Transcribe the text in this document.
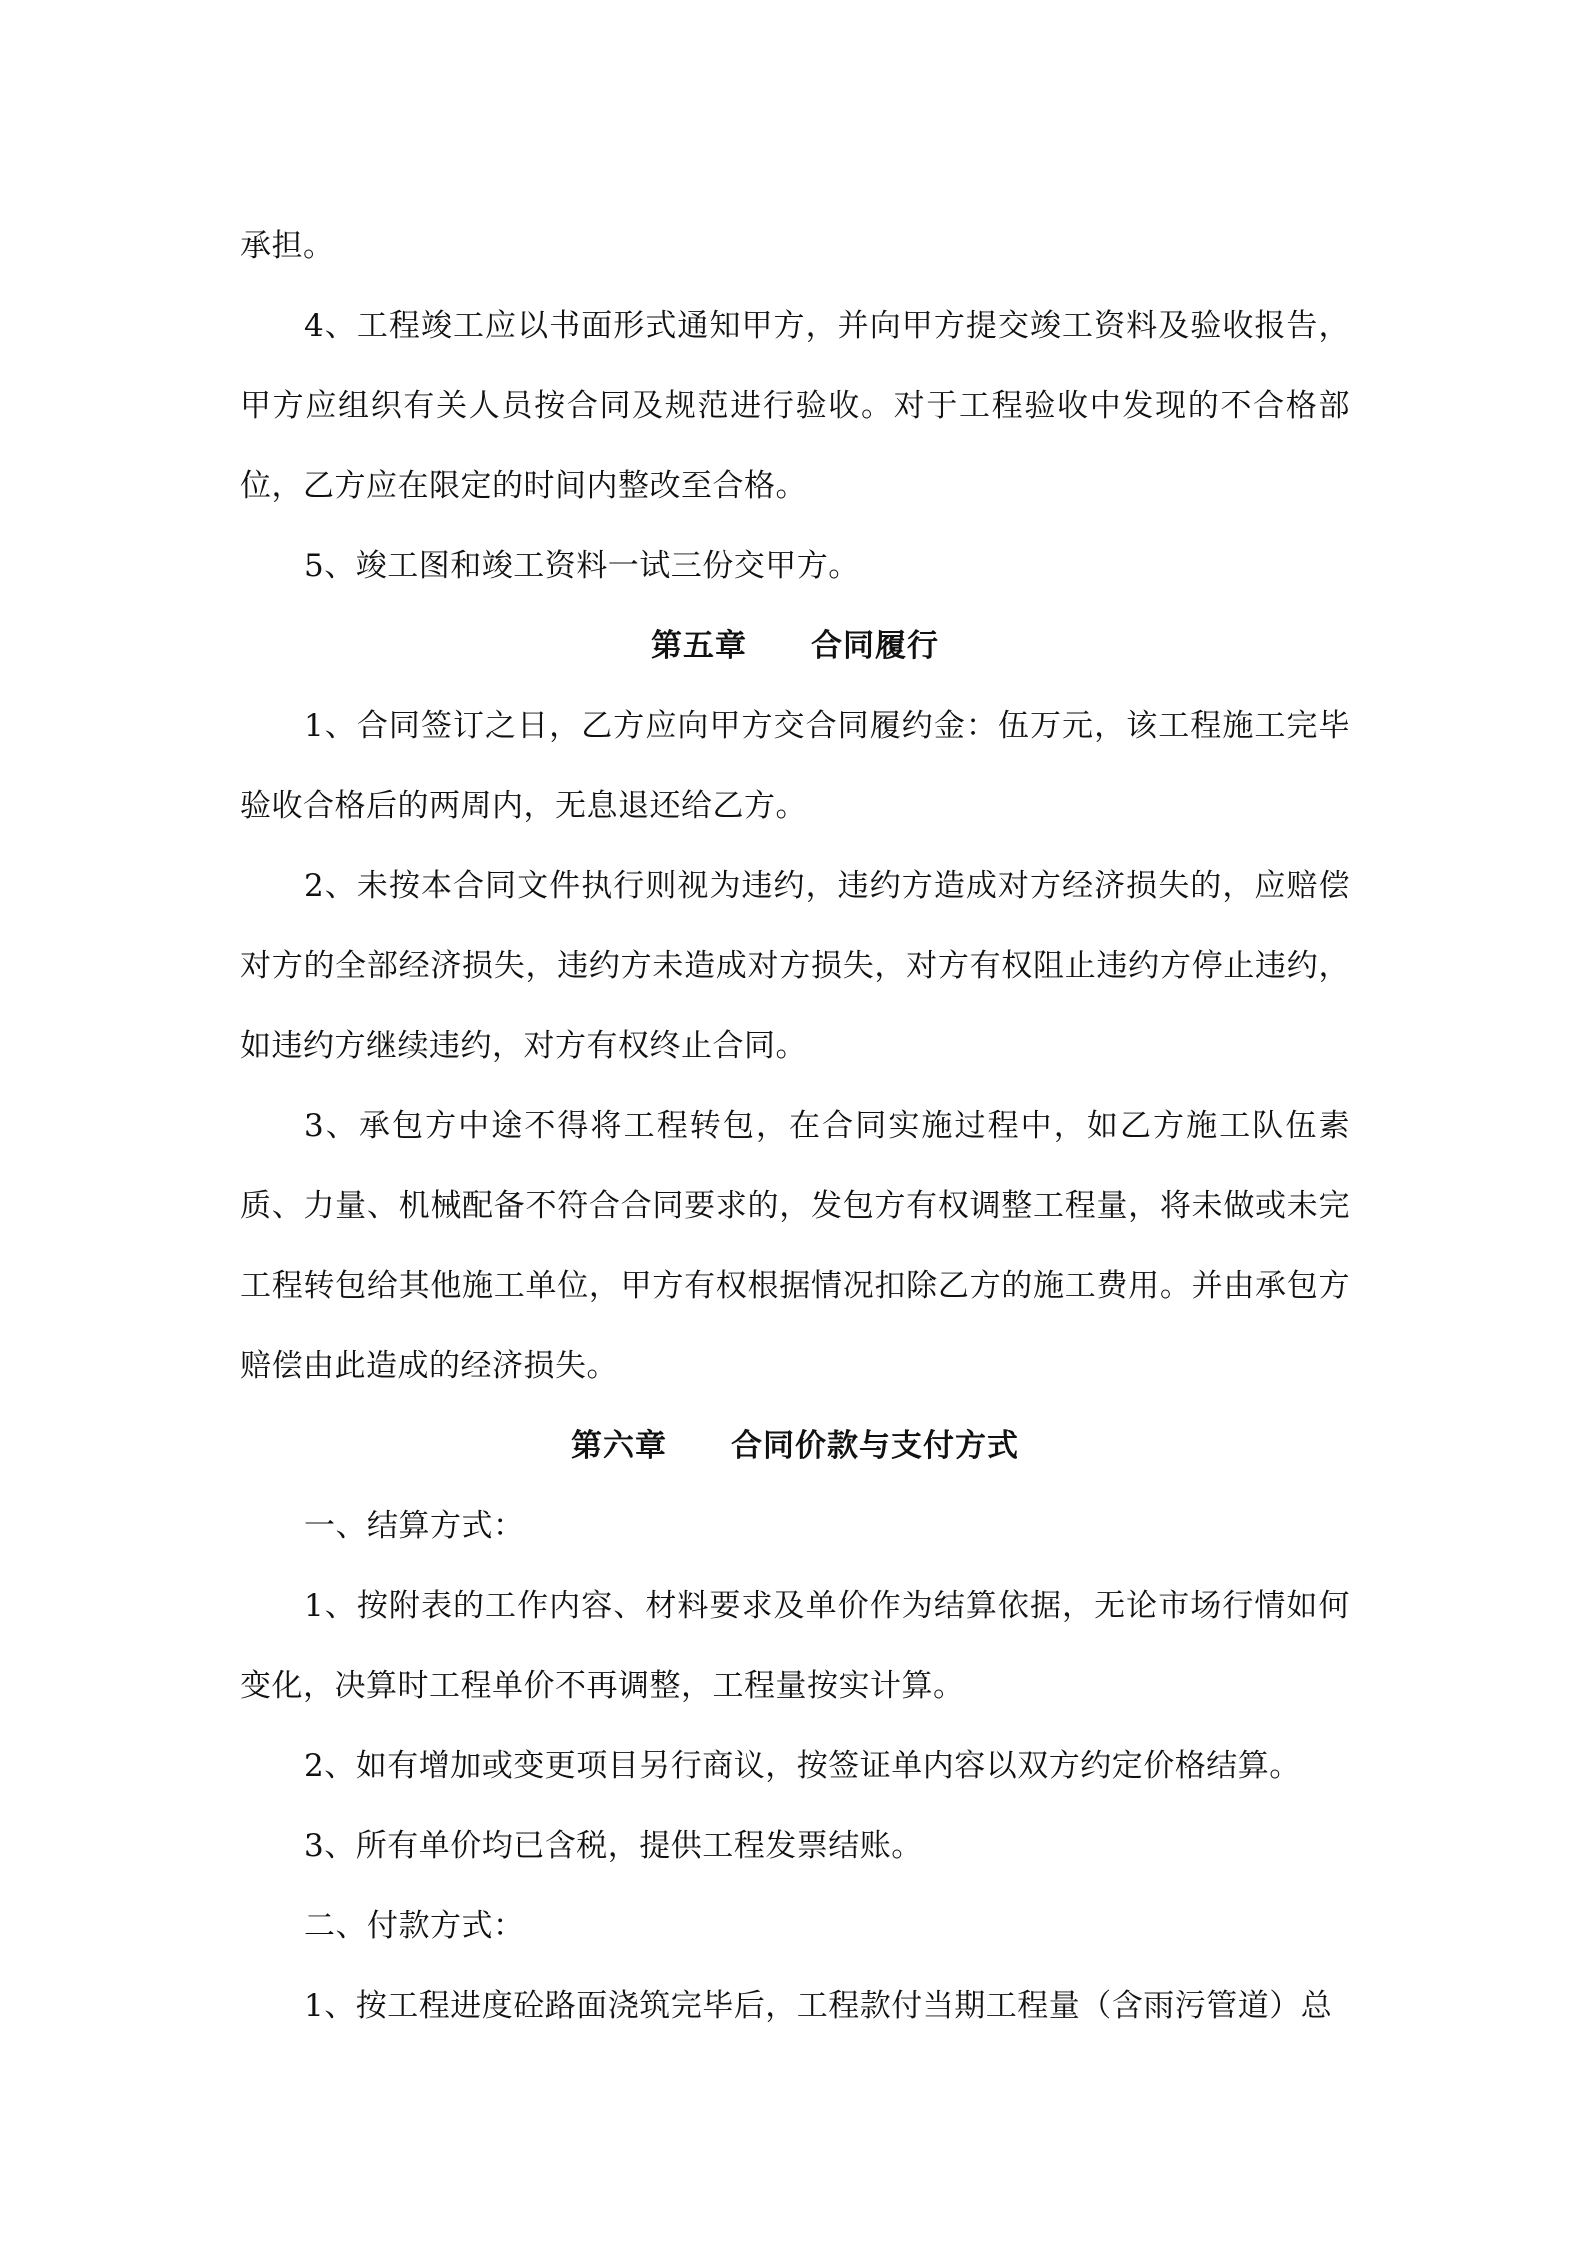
承担。

4、工程竣工应以书面形式通知甲方，并向甲方提交竣工资料及验收报告，甲方应组织有关人员按合同及规范进行验收。对于工程验收中发现的不合格部位，乙方应在限定的时间内整改至合格。

5、竣工图和竣工资料一试三份交甲方。

第五章 合同履行

1、合同签订之日，乙方应向甲方交合同履约金：伍万元，该工程施工完毕验收合格后的两周内，无息退还给乙方。

2、未按本合同文件执行则视为违约，违约方造成对方经济损失的，应赔偿对方的全部经济损失，违约方未造成对方损失，对方有权阻止违约方停止违约，如违约方继续违约，对方有权终止合同。

3、承包方中途不得将工程转包，在合同实施过程中，如乙方施工队伍素质、力量、机械配备不符合合同要求的，发包方有权调整工程量，将未做或未完工程转包给其他施工单位，甲方有权根据情况扣除乙方的施工费用。并由承包方赔偿由此造成的经济损失。

第六章 合同价款与支付方式

一、结算方式：

1、按附表的工作内容、材料要求及单价作为结算依据，无论市场行情如何变化，决算时工程单价不再调整，工程量按实计算。

2、如有增加或变更项目另行商议，按签证单内容以双方约定价格结算。

3、所有单价均已含税，提供工程发票结账。

二、付款方式：

1、按工程进度砼路面浇筑完毕后，工程款付当期工程量（含雨污管道）总
